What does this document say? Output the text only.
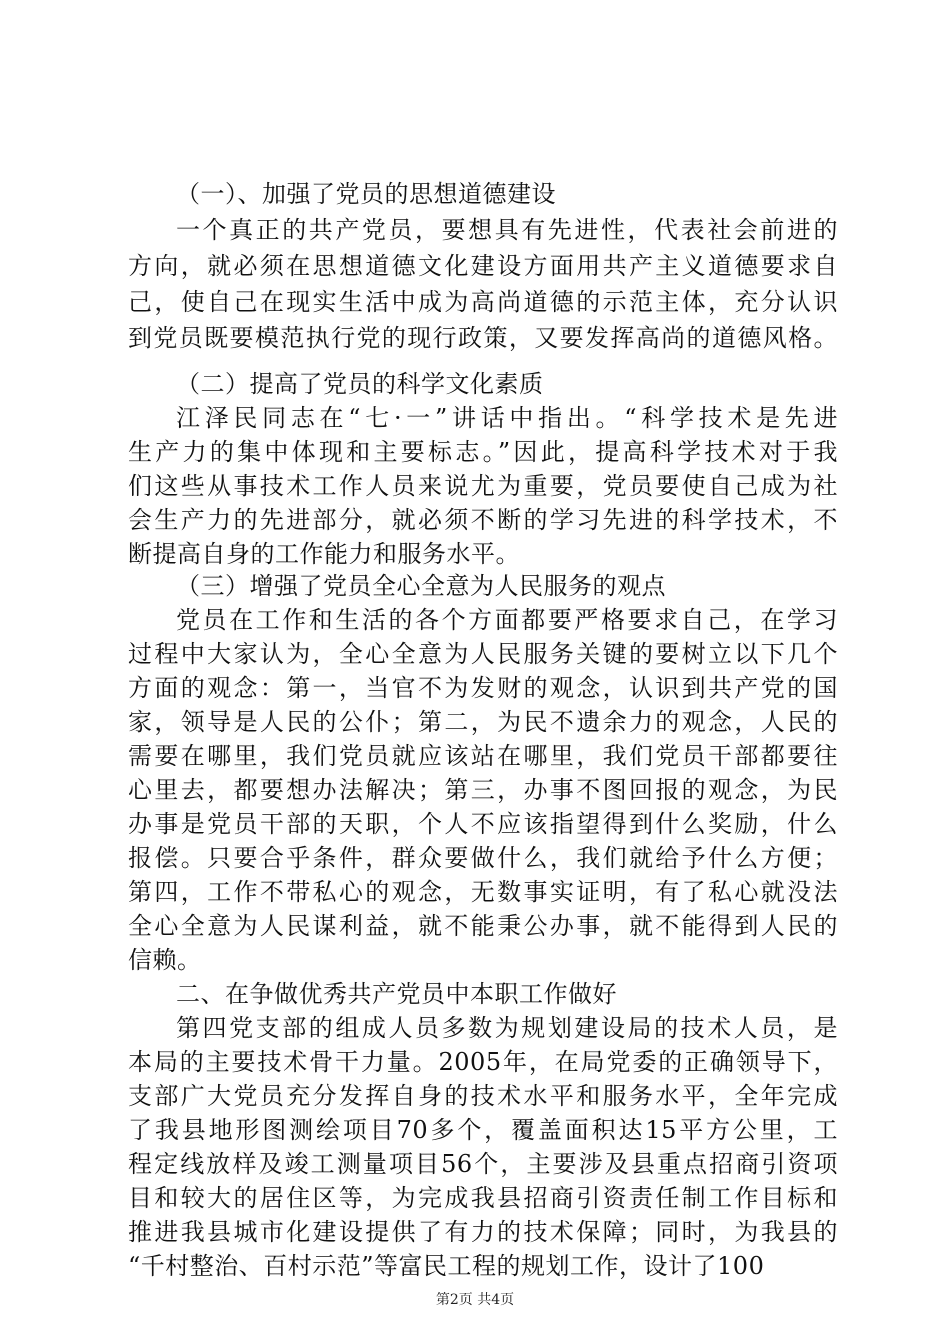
（一）、加强了党员的思想道德建设
一个真正的共产党员，要想具有先进性，代表社会前进的
方向，就必须在思想道德文化建设方面用共产主义道德要求自
己，使自己在现实生活中成为高尚道德的示范主体，充分认识
到党员既要模范执行党的现行政策，又要发挥高尚的道德风格。
（二）提高了党员的科学文化素质
江泽民同志在“七·一”讲话中指出。“科学技术是先进
生产力的集中体现和主要标志。”因此，提高科学技术对于我
们这些从事技术工作人员来说尤为重要，党员要使自己成为社
会生产力的先进部分，就必须不断的学习先进的科学技术，不
断提高自身的工作能力和服务水平。
（三）增强了党员全心全意为人民服务的观点
党员在工作和生活的各个方面都要严格要求自己，在学习
过程中大家认为，全心全意为人民服务关键的要树立以下几个
方面的观念：第一，当官不为发财的观念，认识到共产党的国
家，领导是人民的公仆；第二，为民不遗余力的观念，人民的
需要在哪里，我们党员就应该站在哪里，我们党员干部都要往
心里去，都要想办法解决；第三，办事不图回报的观念，为民
办事是党员干部的天职，个人不应该指望得到什么奖励，什么
报偿。只要合乎条件，群众要做什么，我们就给予什么方便；
第四，工作不带私心的观念，无数事实证明，有了私心就没法
全心全意为人民谋利益，就不能秉公办事，就不能得到人民的
信赖。
二、在争做优秀共产党员中本职工作做好
第四党支部的组成人员多数为规划建设局的技术人员，是
本局的主要技术骨干力量。2005年，在局党委的正确领导下，
支部广大党员充分发挥自身的技术水平和服务水平，全年完成
了我县地形图测绘项目70多个，覆盖面积达15平方公里，工
程定线放样及竣工测量项目56个，主要涉及县重点招商引资项
目和较大的居住区等，为完成我县招商引资责任制工作目标和
推进我县城市化建设提供了有力的技术保障；同时，为我县的
“千村整治、百村示范”等富民工程的规划工作，设计了100
第2页 共4页
